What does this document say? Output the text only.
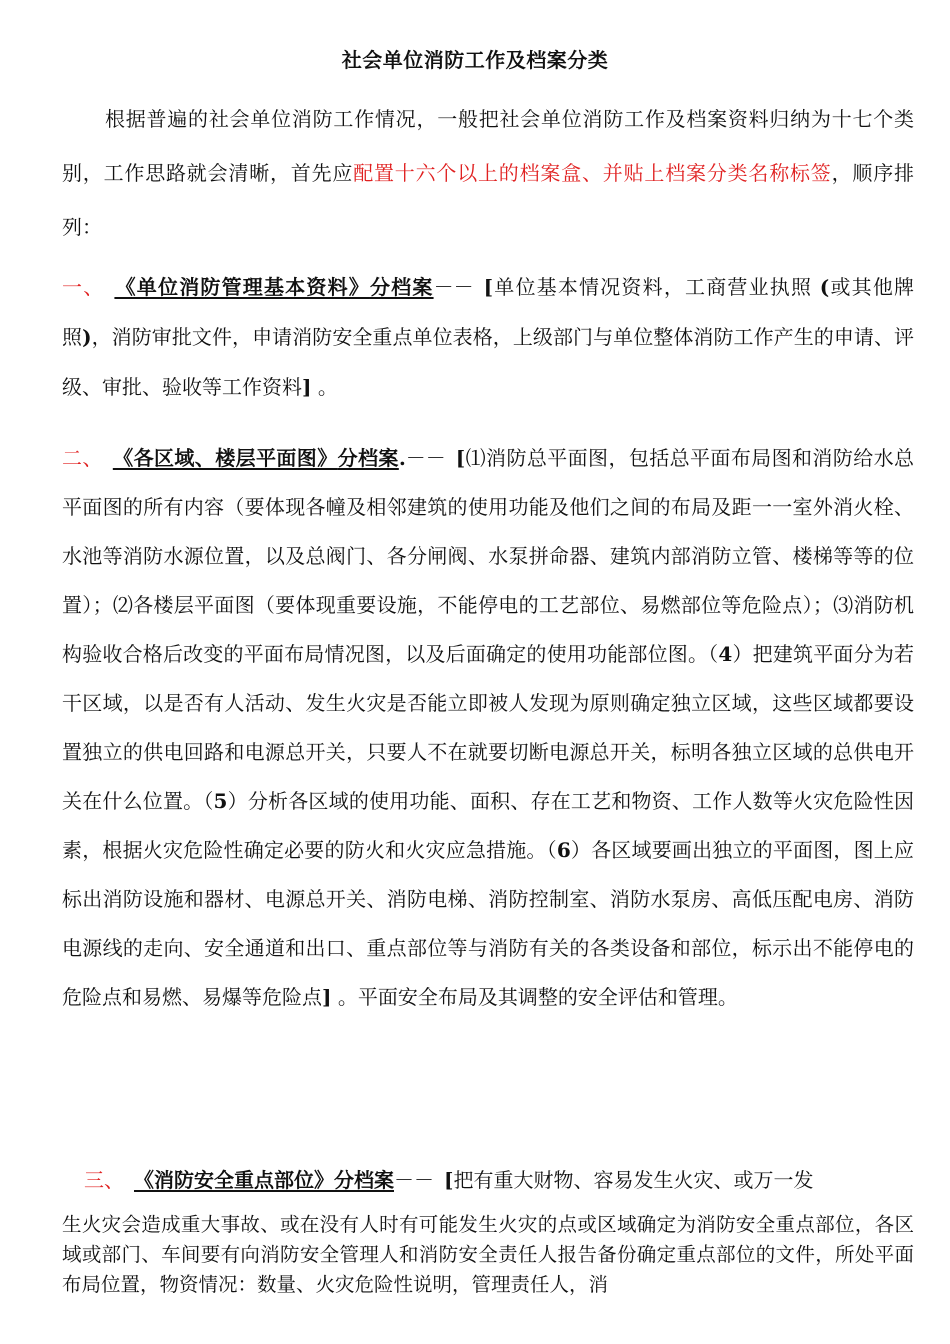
社会单位消防工作及档案分类
根据普遍的社会单位消防工作情况，一般把社会单位消防工作及档案资料归纳为十七个类别，工作思路就会清晰，首先应配置十六个以上的档案盒、并贴上档案分类名称标签，顺序排列：
一、 《单位消防管理基本资料》分档案－－ [单位基本情况资料，工商营业执照 (或其他牌照)，消防审批文件，申请消防安全重点单位表格，上级部门与单位整体消防工作产生的申请、评级、审批、验收等工作资料] 。
二、 《各区域、楼层平面图》分档案.－－ [⑴消防总平面图，包括总平面布局图和消防给水总平面图的所有内容（要体现各幢及相邻建筑的使用功能及他们之间的布局及距一一室外消火栓、水池等消防水源位置，以及总阀门、各分闸阀、水泵拼命器、建筑内部消防立管、楼梯等等的位置）；⑵各楼层平面图（要体现重要设施，不能停电的工艺部位、易燃部位等危险点）；⑶消防机构验收合格后改变的平面布局情况图，以及后面确定的使用功能部位图。（4）把建筑平面分为若干区域，以是否有人活动、发生火灾是否能立即被人发现为原则确定独立区域，这些区域都要设置独立的供电回路和电源总开关，只要人不在就要切断电源总开关，标明各独立区域的总供电开关在什么位置。（5）分析各区域的使用功能、面积、存在工艺和物资、工作人数等火灾危险性因素，根据火灾危险性确定必要的防火和火灾应急措施。（6）各区域要画出独立的平面图，图上应标出消防设施和器材、电源总开关、消防电梯、消防控制室、消防水泵房、高低压配电房、消防电源线的走向、安全通道和出口、重点部位等与消防有关的各类设备和部位，标示出不能停电的危险点和易燃、易爆等危险点] 。平面安全布局及其调整的安全评估和管理。
三、 《消防安全重点部位》分档案－－ [把有重大财物、容易发生火灾、或万一发
生火灾会造成重大事故、或在没有人时有可能发生火灾的点或区域确定为消防安全重点部位，各区域或部门、车间要有向消防安全管理人和消防安全责任人报告备份确定重点部位的文件，所处平面布局位置，物资情况：数量、火灾危险性说明，管理责任人，消
